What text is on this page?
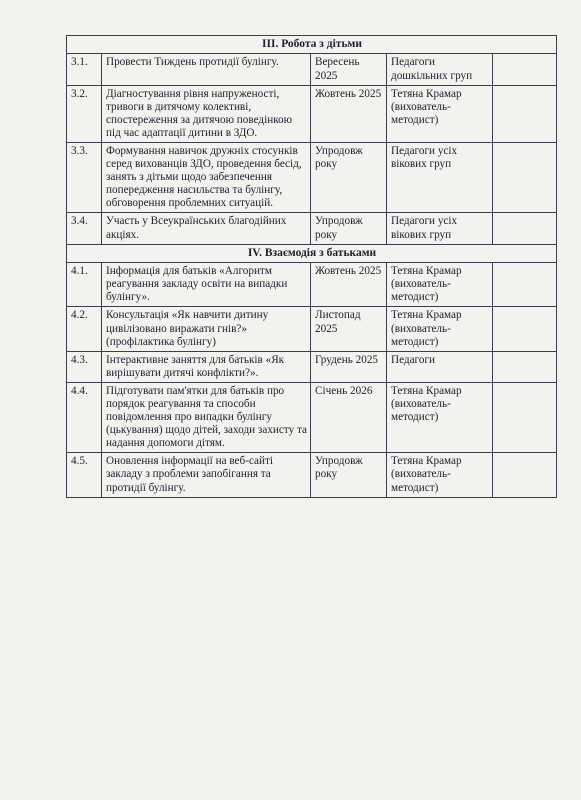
III. Робота з дітьми				
3.1.	Провести Тиждень протидії булінгу.	Вересень 2025	Педагоги дошкільних груп	
3.2.	Діагностування рівня напруженості, тривоги в дитячому колективі, спостереження за дитячою поведінкою під час адаптації дитини в ЗДО.	Жовтень 2025	Тетяна Крамар (вихователь-методист)	
3.3.	Формування навичок дружніх стосунків серед вихованців ЗДО, проведення бесід, занять з дітьми щодо забезпечення попередження насильства та булінгу, обговорення проблемних ситуацій.	Упродовж року	Педагоги усіх вікових груп	
3.4.	Участь у Всеукраїнських благодійних акціях.	Упродовж року	Педагоги усіх вікових груп	
IV. Взаємодія з батьками				
4.1.	Інформація для батьків «Алгоритм реагування закладу освіти на випадки булінгу».	Жовтень 2025	Тетяна Крамар (вихователь-методист)	
4.2.	Консультація «Як навчити дитину цивілізовано виражати гнів?» (профілактика булінгу)	Листопад 2025	Тетяна Крамар (вихователь-методист)	
4.3.	Інтерактивне заняття для батьків «Як вирішувати дитячі конфлікти?».	Грудень 2025	Педагоги	
4.4.	Підготувати пам'ятки для батьків про порядок реагування та способи повідомлення про випадки булінгу (цькування) щодо дітей, заходи захисту та надання допомоги дітям.	Січень 2026	Тетяна Крамар (вихователь-методист)	
4.5.	Оновлення інформації на веб-сайті закладу з проблеми запобігання та протидії булінгу.	Упродовж року	Тетяна Крамар (вихователь-методист)	
